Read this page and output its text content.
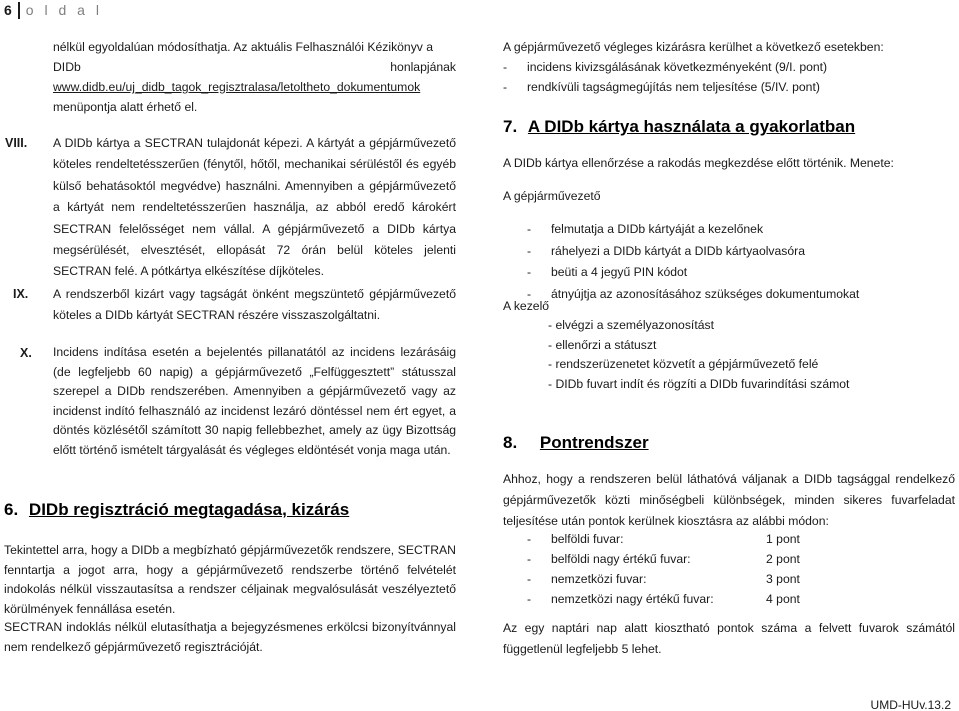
6 o l d a l
nélkül egyoldalúan módosíthatja. Az aktuális Felhasználói Kézikönyv a
DIDb	honlapjának
www.didb.eu/uj_didb_tagok_regisztralasa/letoltheto_dokumentumok
menüpontja alatt érhető el.
VIII. A DIDb kártya a SECTRAN tulajdonát képezi. A kártyát a gépjárművezető köteles rendeltetésszerűen (fénytől, hőtől, mechanikai sérüléstől és egyéb külső behatásoktól megvédve) használni. Amennyiben a gépjárművezető a kártyát nem rendeltetésszerűen használja, az abból eredő károkért SECTRAN felelősséget nem vállal. A gépjárművezető a DIDb kártya megsérülését, elvesztését, ellopását 72 órán belül köteles jelenti SECTRAN felé. A pótkártya elkészítése díjköteles.

IX. A rendszerből kizárt vagy tagságát önként megszüntető gépjárművezető köteles a DIDb kártyát SECTRAN részére visszaszolgáltatni.

X. Incidens indítása esetén a bejelentés pillanatától az incidens lezárásáig (de legfeljebb 60 napig) a gépjárművezető „Felfüggesztett” státusszal szerepel a DIDb rendszerében. Amennyiben a gépjárművezető vagy az incidenst indító felhasználó az incidenst lezáró döntéssel nem ért egyet, a döntés közlésétől számított 30 napig fellebbezhet, amely az ügy Bizottság előtt történő ismételt tárgyalását és végleges eldöntését vonja maga után.

6. DIDb regisztráció megtagadása, kizárás

Tekintettel arra, hogy a DIDb a megbízható gépjárművezetők rendszere, SECTRAN fenntartja a jogot arra, hogy a gépjárművezető rendszerbe történő felvételét indokolás nélkül visszautasítsa a rendszer céljainak megvalósulását veszélyeztető körülmények fennállása esetén.

SECTRAN indoklás nélkül elutasíthatja a bejegyzésmenes erkölcsi bizonyítvánnyal nem rendelkező gépjárművezető regisztrációját.

A gépjárművezető végleges kizárásra kerülhet a következő esetekben:
- incidens kivizsgálásának következményeként (9/I. pont)
- rendkívüli tagságmegújítás nem teljesítése (5/IV. pont)
7. A DIDb kártya használata a gyakorlatban
A DIDb kártya ellenőrzése a rakodás megkezdése előtt történik. Menete:
A gépjárművezető
- felmutatja a DIDb kártyáját a kezelőnek
- ráhelyezi a DIDb kártyát a DIDb kártyaolvasóra
- beüti a 4 jegyű PIN kódot
- átnyújtja az azonosításához szükséges dokumentumokat
A kezelő
- elvégzi a személyazonosítást
- ellenőrzi a státuszt
- rendszerüzenetet közvetít a gépjárművezető felé
- DIDb fuvart indít és rögzíti a DIDb fuvarindítási számot
8. Pontrendszer

Ahhoz, hogy a rendszeren belül láthatóvá váljanak a DIDb tagsággal rendelkező gépjárművezetők közti minőségbeli különbségek, minden sikeres fuvarfeladat teljesítése után pontok kerülnek kiosztásra az alábbi módon:

-	belföldi fuvar:	1 pont
-	belföldi nagy értékű fuvar:	2 pont
-	nemzetközi fuvar:	3 pont
-	nemzetközi nagy értékű fuvar:	4 pont

Az egy naptári nap alatt kiosztható pontok száma a felvett fuvarok számától függetlenül legfeljebb 5 lehet.

UMD-HUv.13.2
